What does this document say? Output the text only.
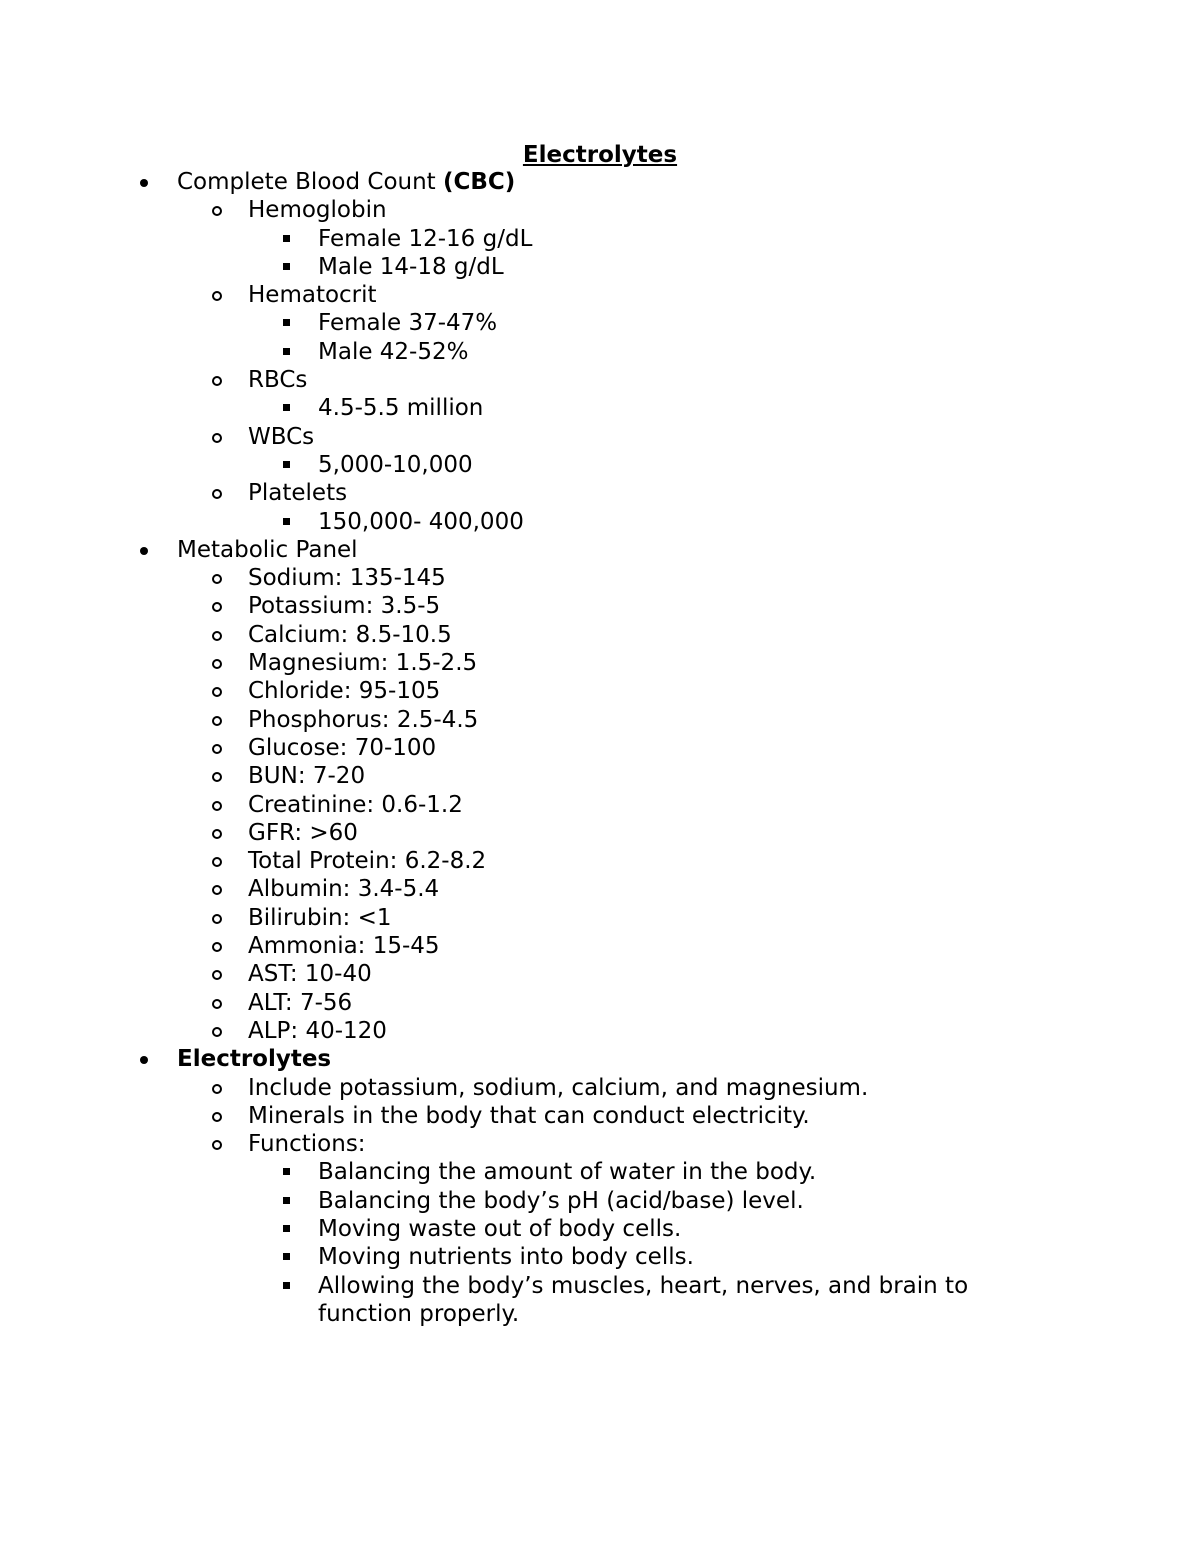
Electrolytes
Complete Blood Count (CBC)
Hemoglobin
Female 12-16 g/dL
Male 14-18 g/dL
Hematocrit
Female 37-47%
Male 42-52%
RBCs
4.5-5.5 million
WBCs
5,000-10,000
Platelets
150,000- 400,000
Metabolic Panel
Sodium: 135-145
Potassium: 3.5-5
Calcium: 8.5-10.5
Magnesium: 1.5-2.5
Chloride: 95-105
Phosphorus: 2.5-4.5
Glucose: 70-100
BUN: 7-20
Creatinine: 0.6-1.2
GFR: >60
Total Protein: 6.2-8.2
Albumin: 3.4-5.4
Bilirubin: <1
Ammonia: 15-45
AST: 10-40
ALT: 7-56
ALP: 40-120
Electrolytes
Include potassium, sodium, calcium, and magnesium.
Minerals in the body that can conduct electricity.
Functions:
Balancing the amount of water in the body.
Balancing the body’s pH (acid/base) level.
Moving waste out of body cells.
Moving nutrients into body cells.
Allowing the body’s muscles, heart, nerves, and brain to
function properly.
